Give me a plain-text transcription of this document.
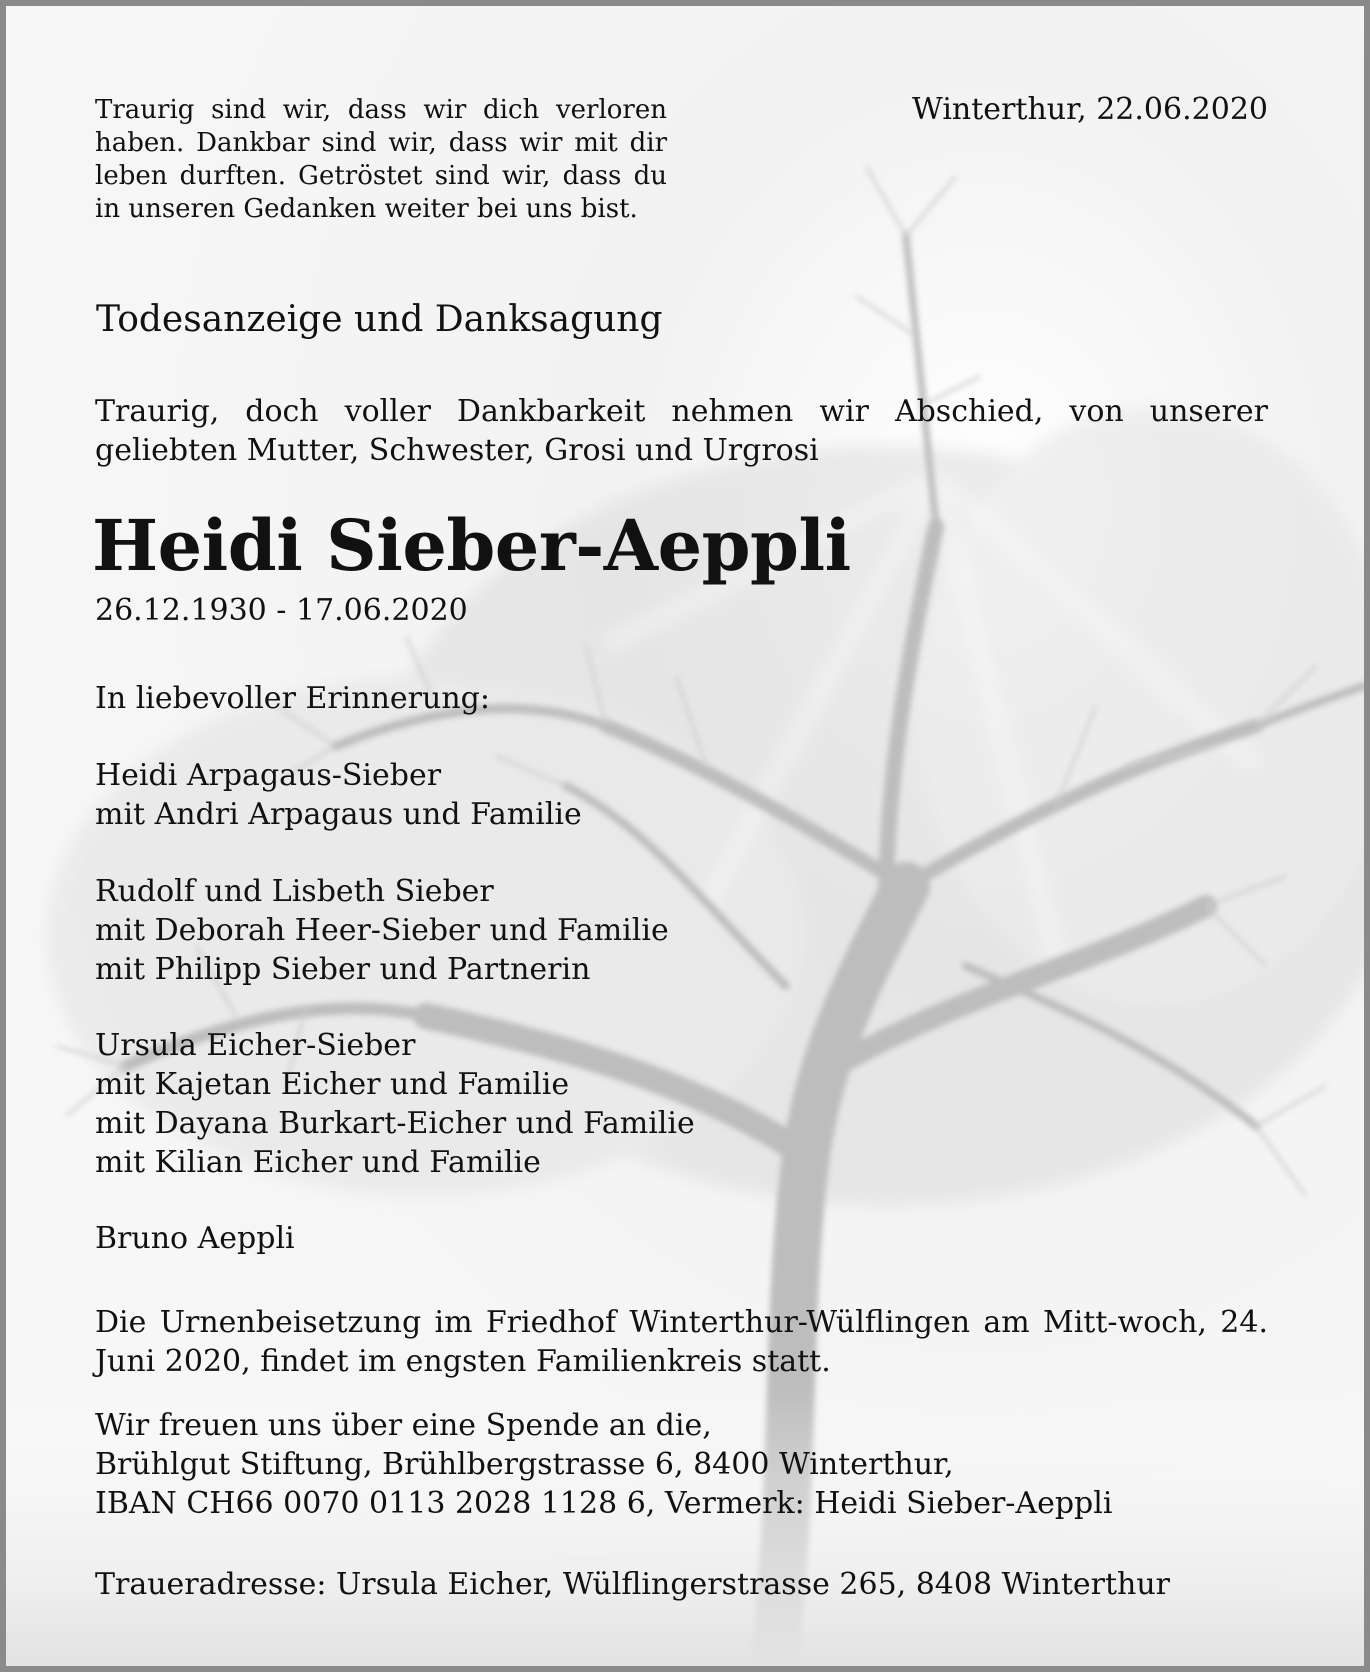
Traurig sind wir, dass wir dich verloren haben. Dankbar sind wir, dass wir mit dir leben durften. Getröstet sind wir, dass du in unseren Gedanken weiter bei uns bist.

Winterthur, 22.06.2020

Todesanzeige und Danksagung

Traurig, doch voller Dankbarkeit nehmen wir Abschied, von unserer geliebten Mutter, Schwester, Grosi und Urgrosi

Heidi Sieber-Aeppli

26.12.1930 - 17.06.2020

In liebevoller Erinnerung:

Heidi Arpagaus-Sieber
mit Andri Arpagaus und Familie
Rudolf und Lisbeth Sieber
mit Deborah Heer-Sieber und Familie
mit Philipp Sieber und Partnerin
Ursula Eicher-Sieber
mit Kajetan Eicher und Familie
mit Dayana Burkart-Eicher und Familie
mit Kilian Eicher und Familie
Bruno Aeppli

Die Urnenbeisetzung im Friedhof Winterthur-Wülflingen am Mitt-woch, 24. Juni 2020, findet im engsten Familienkreis statt.

Wir freuen uns über eine Spende an die,
Brühlgut Stiftung, Brühlbergstrasse 6, 8400 Winterthur,
IBAN CH66 0070 0113 2028 1128 6, Vermerk: Heidi Sieber-Aeppli

Traueradresse: Ursula Eicher, Wülflingerstrasse 265, 8408 Winterthur
